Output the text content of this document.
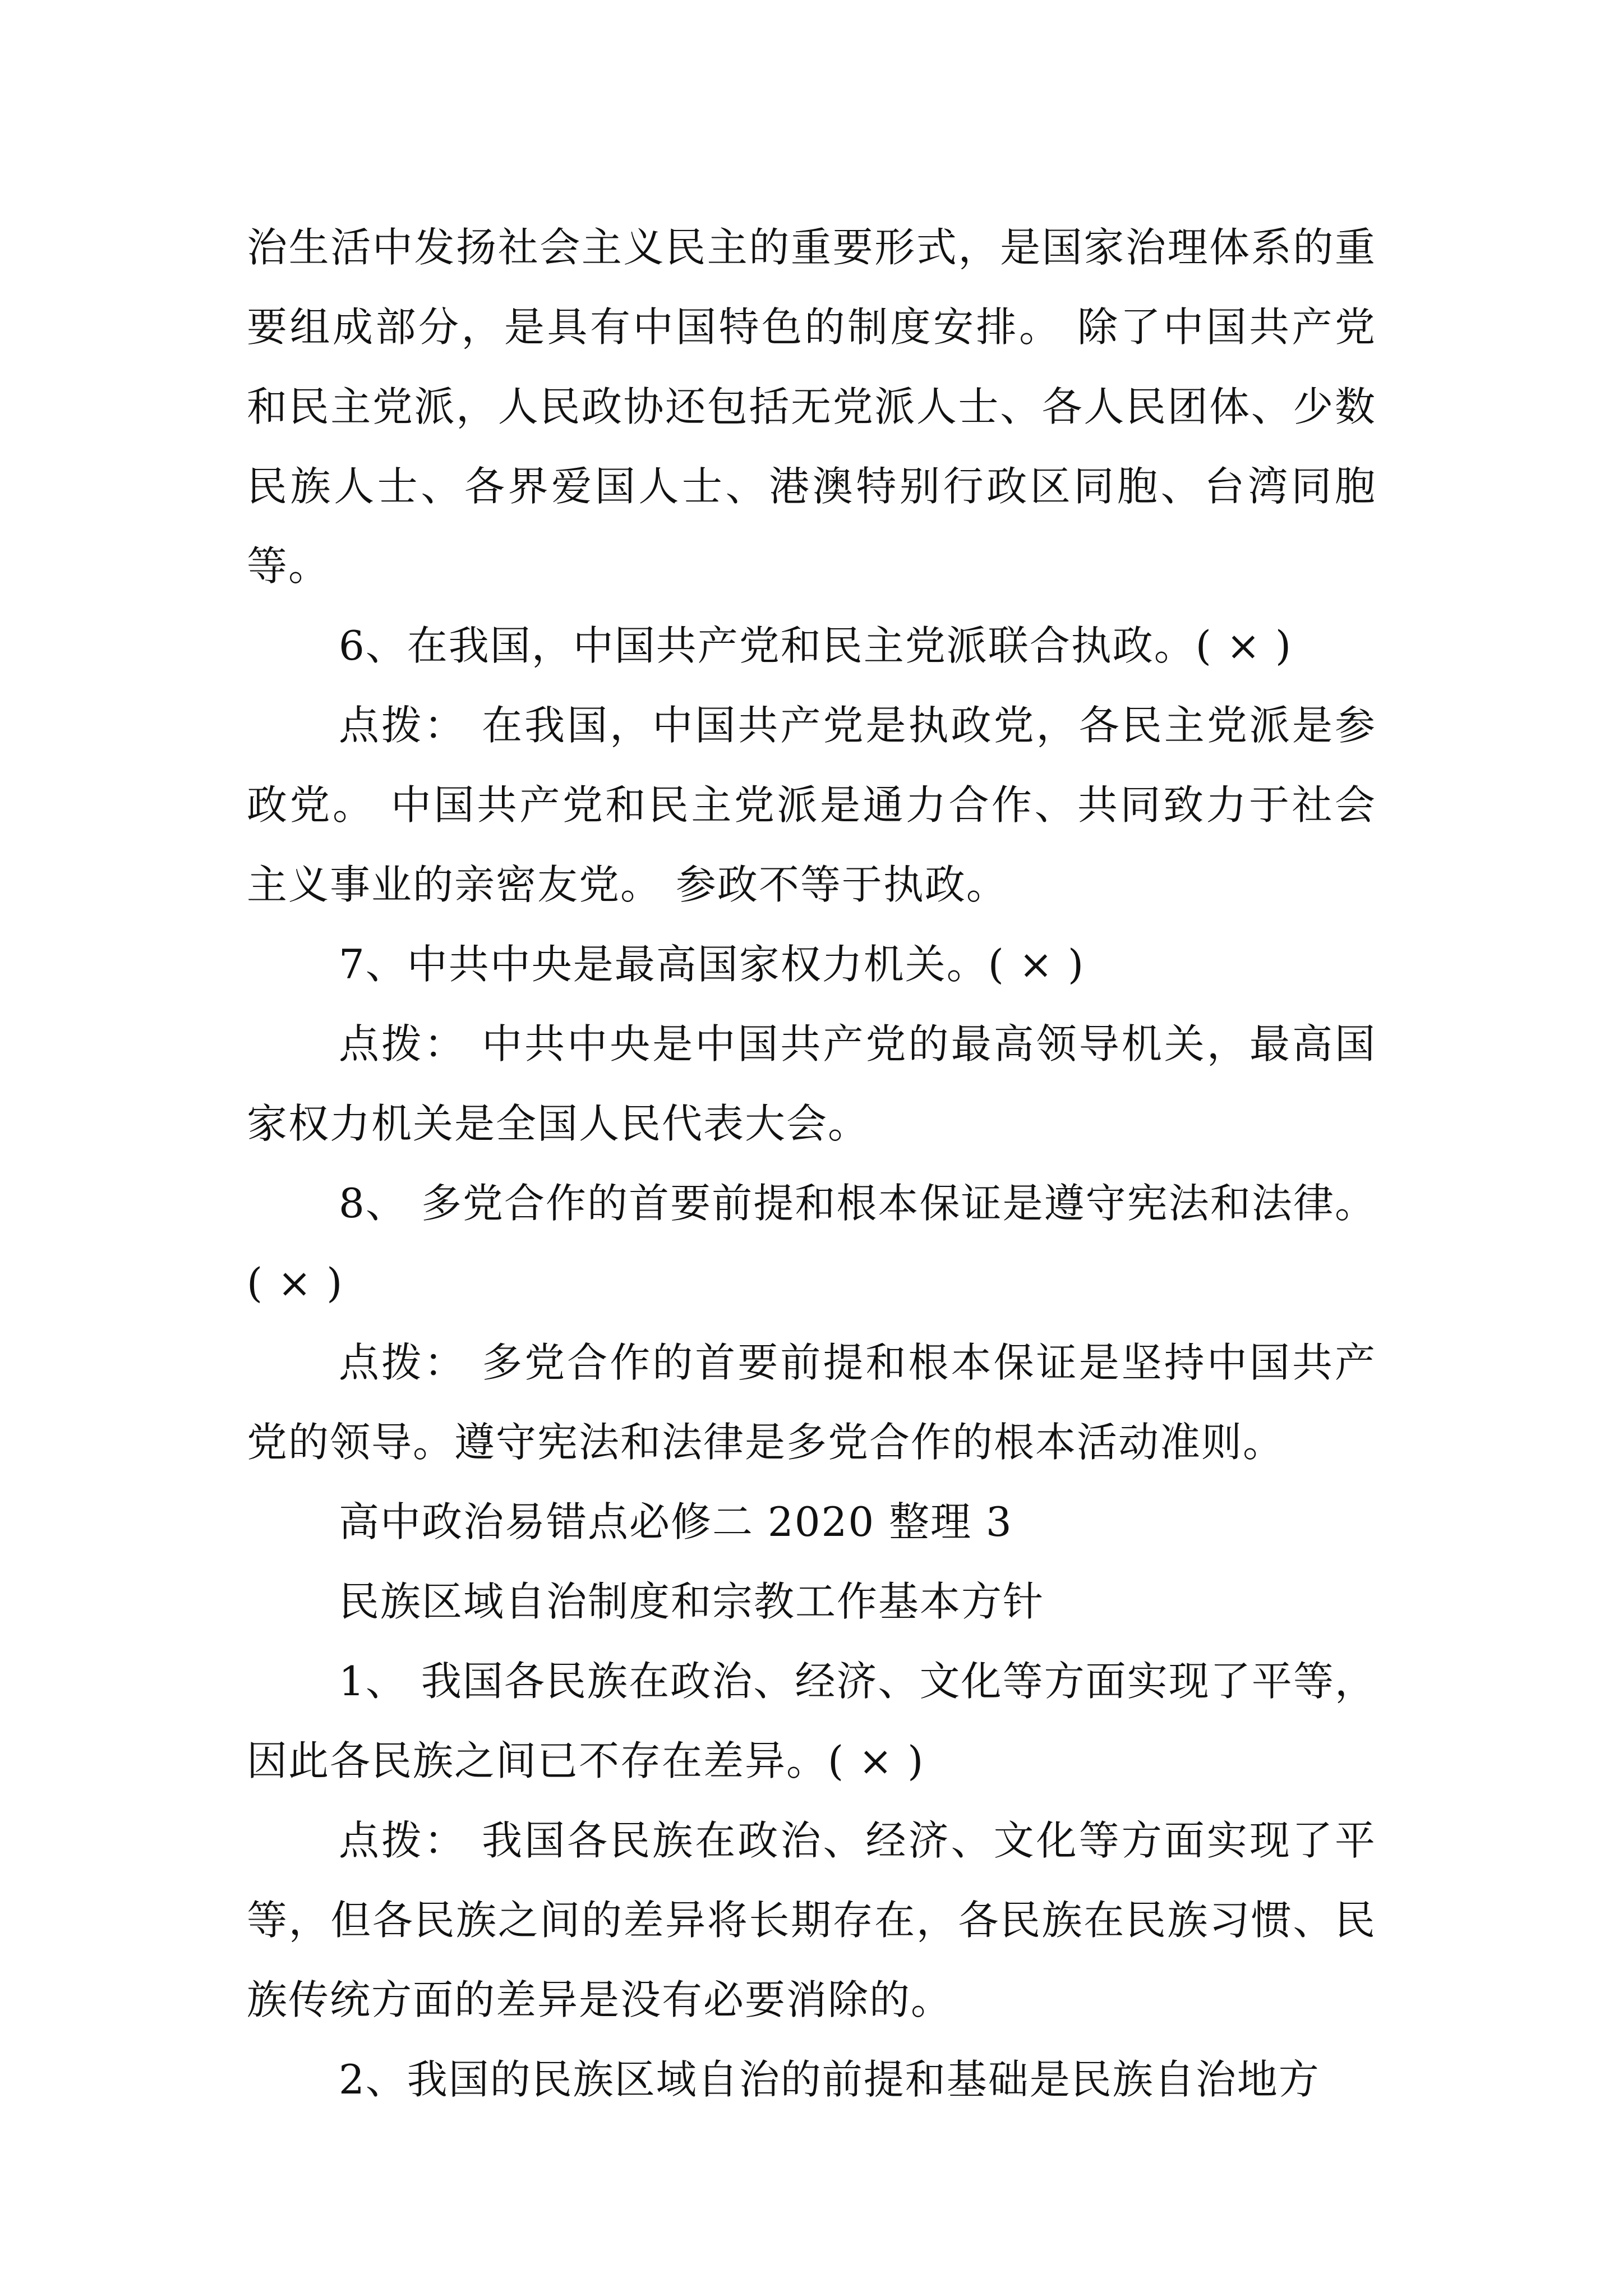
治生活中发扬社会主义民主的重要形式，是国家治理体系的重要组成部分，是具有中国特色的制度安排。 除了中国共产党和民主党派，人民政协还包括无党派人士、各人民团体、少数民族人士、各界爱国人士、港澳特别行政区同胞、台湾同胞等。

6、在我国，中国共产党和民主党派联合执政。( × )

点拨： 在我国，中国共产党是执政党，各民主党派是参政党。 中国共产党和民主党派是通力合作、共同致力于社会主义事业的亲密友党。 参政不等于执政。

7、中共中央是最高国家权力机关。( × )

点拨： 中共中央是中国共产党的最高领导机关，最高国家权力机关是全国人民代表大会。

8、 多党合作的首要前提和根本保证是遵守宪法和法律。( × )

点拨： 多党合作的首要前提和根本保证是坚持中国共产党的领导。遵守宪法和法律是多党合作的根本活动准则。

高中政治易错点必修二 2020 整理 3

民族区域自治制度和宗教工作基本方针

1、 我国各民族在政治、经济、文化等方面实现了平等，因此各民族之间已不存在差异。( × )

点拨： 我国各民族在政治、经济、文化等方面实现了平等，但各民族之间的差异将长期存在，各民族在民族习惯、民族传统方面的差异是没有必要消除的。

2、我国的民族区域自治的前提和基础是民族自治地方
